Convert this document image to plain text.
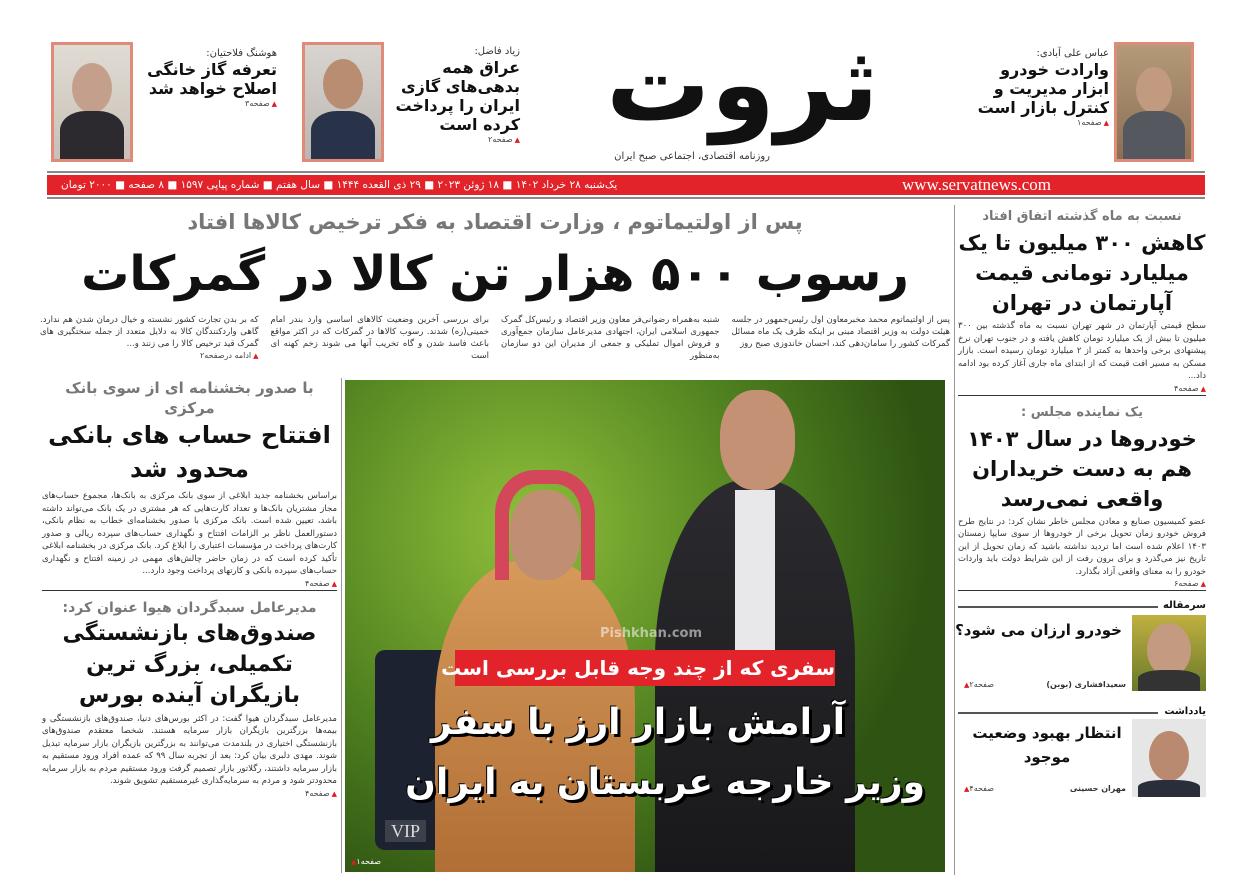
عباس علی آبادی:
وارادت خودرو ابزار مدیریت و کنترل بازار است
▲ صفحه۱
ثروت
روزنامه اقتصادی، اجتماعی صبح ایران
زیاد فاضل:
عراق همه بدهی‌های گازی ایران را پرداخت کرده است
▲ صفحه۲
هوشنگ فلاحتیان:
تعرفه گاز خانگی اصلاح خواهد شد
▲ صفحه۳
یک‌شنبه ۲۸ خرداد ۱۴۰۲ ■ ۱۸ ژوئن ۲۰۲۳ ■ ۲۹ ذی القعده ۱۴۴۴ ■ سال هفتم ■ شماره پیاپی ۱۵۹۷ ■ ۸ صفحه ■ ۲۰۰۰ تومان	www.servatnews.com
پس از اولتیماتوم ، وزارت اقتصاد به فکر ترخیص کالاها افتاد
رسوب ۵۰۰ هزار تن کالا در گمرکات
پس از اولتیماتوم محمد مخبرمعاون اول رئیس‌جمهور در جلسه هیئت دولت به وزیر اقتصاد مبنی بر اینکه ظرف یک ماه مسائل گمرکات کشور را سامان‌دهی کند، احسان خاندوزی صبح روز
شنبه به‌همراه رضوانی‌فر معاون وزیر اقتصاد و رئیس‌کل گمرک جمهوری اسلامی ایران، اجتهادی مدیرعامل سازمان جمع‌آوری و فروش اموال تملیکی و جمعی از مدیران این دو سازمان به‌منظور
برای بررسی آخرین وضعیت کالاهای اساسی وارد بندر امام خمینی(ره) شدند. رسوب کالاها در گمرکات که در اکثر مواقع باعث فاسد شدن و گاه تخریب آنها می شوند زخم کهنه ای است
که بر بدن تجارت کشور نشسته و خیال درمان شدن هم ندارد. گاهی واردکنندگان کالا به دلایل متعدد از جمله سختگیری های گمرک قید ترخیص کالا را می زنند و...
▲ ادامه درصفحه۲
VIP
Pishkhan.com
سفری که از چند وجه قابل بررسی است
آرامش بازار ارز با سفر
وزیر خارجه عربستان به ایران
▲ صفحه۱
با صدور بخشنامه ای از سوی بانک مرکزی
افتتاح حساب های بانکی محدود شد
براساس بخشنامه جدید ابلاغی از سوی بانک مرکزی به بانک‌ها، مجموع حساب‌های مجاز مشتریان بانک‌ها و تعداد کارت‌هایی که هر مشتری در یک بانک می‌تواند داشته باشد، تعیین شده است. بانک مرکزی با صدور بخشنامه‌ای خطاب به نظام بانکی، دستورالعمل ناظر بر الزامات افتتاح و نگهداری حساب‌های سپرده ریالی و صدور کارت‌های پرداخت در مؤسسات اعتباری را ابلاغ کرد. بانک مرکزی در بخشنامه ابلاغی تأکید کرده است که در زمان حاضر چالش‌های مهمی در زمینه افتتاح و نگهداری حساب‌های سپرده بانکی و کارتهای پرداخت وجود دارد...
▲ صفحه۴
مدیرعامل سبدگردان هیوا عنوان کرد:
صندوق‌های بازنشستگی تکمیلی، بزرگ ترین بازیگران آینده بورس
مدیرعامل سبدگردان هیوا گفت: در اکثر بورس‌های دنیا، صندوق‌های بازنشستگی و بیمه‌ها بزرگترین بازیگران بازار سرمایه هستند. شخصا معتقدم صندوق‌های بازنشستگی اختیاری در بلندمدت می‌توانند به بزرگترین بازیگران بازار سرمایه تبدیل شوند. مهدی دلبری بیان کرد: بعد از تجربه سال ۹۹ که عمده افراد ورود مستقیم به بازار سرمایه داشتند، رگلاتور بازار تصمیم گرفت ورود مستقیم مردم به بازار سرمایه محدودتر شود و مردم به سرمایه‌گذاری غیرمستقیم تشویق شوند.
▲ صفحه۴
نسبت به ماه گذشته اتفاق افتاد
کاهش ۳۰۰ میلیون تا یک میلیارد تومانی قیمت آپارتمان در تهران
سطح قیمتی آپارتمان در شهر تهران نسبت به ماه گذشته بین ۳۰۰ میلیون تا بیش از یک میلیارد تومان کاهش یافته و در جنوب تهران نرخ پیشنهادی برخی واحدها به کمتر از ۲ میلیارد تومان رسیده است. بازار مسکن به مسیر افت قیمت که از ابتدای ماه جاری آغاز کرده بود ادامه داد...
▲ صفحه۴
یک نماینده مجلس :
خودروها در سال ۱۴۰۳ هم به دست خریداران واقعی نمی‌رسد
عضو کمیسیون صنایع و معادن مجلس خاطر نشان کرد: در نتایج طرح فروش خودرو زمان تحویل برخی از خودروها از سوی سایپا زمستان ۱۴۰۳ اعلام شده است اما تردید نداشته باشید که زمان تحویل از این تاریخ نیز می‌گذرد و برای برون رفت از این شرایط دولت باید واردات خودرو را به معنای واقعی آزاد بگذارد.
▲ صفحه۶
سرمقاله
خودرو ارزان می شود؟
سعیدافشاری (بوبن)
▲ صفحه۲
یادداشت
انتظار بهبود وضعیت موجود
مهران حسینی
▲ صفحه۴
